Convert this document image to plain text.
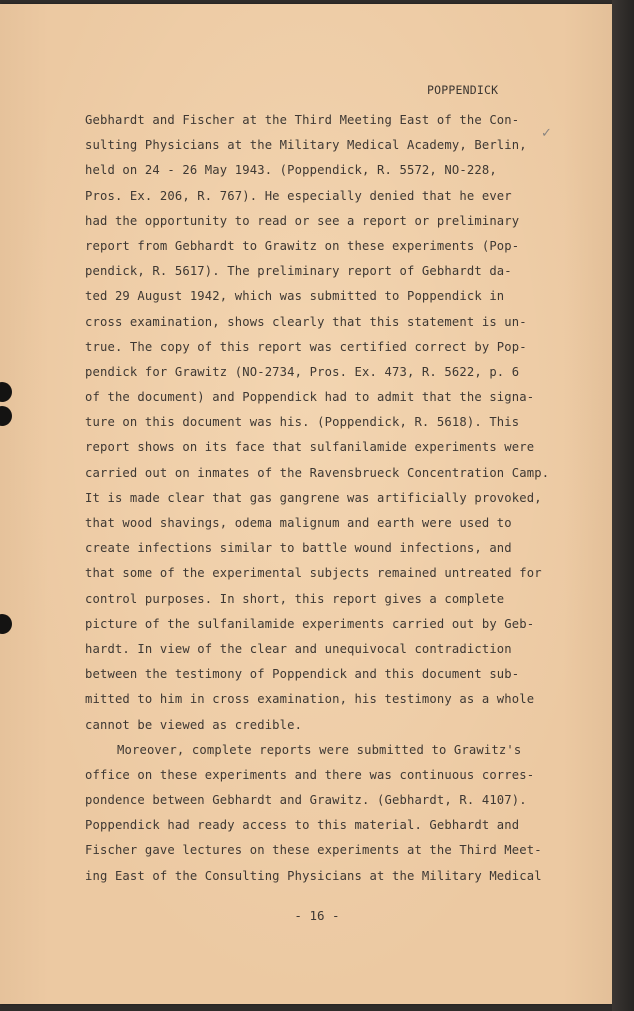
POPPENDICK

✓
Gebhardt and Fischer at the Third Meeting East of the Con-
sulting Physicians at the Military Medical Academy, Berlin,
held on 24 - 26 May 1943. (Poppendick, R. 5572, NO-228,
Pros. Ex. 206, R. 767). He especially denied that he ever
had the opportunity to read or see a report or preliminary
report from Gebhardt to Grawitz on these experiments (Pop-
pendick, R. 5617). The preliminary report of Gebhardt da-
ted 29 August 1942, which was submitted to Poppendick in
cross examination, shows clearly that this statement is un-
true. The copy of this report was certified correct by Pop-
pendick for Grawitz (NO-2734, Pros. Ex. 473, R. 5622, p. 6
of the document) and Poppendick had to admit that the signa-
ture on this document was his. (Poppendick, R. 5618). This
report shows on its face that sulfanilamide experiments were
carried out on inmates of the Ravensbrueck Concentration Camp.
It is made clear that gas gangrene was artificially provoked,
that wood shavings, odema malignum and earth were used to
create infections similar to battle wound infections, and
that some of the experimental subjects remained untreated for
control purposes. In short, this report gives a complete
picture of the sulfanilamide experiments carried out by Geb-
hardt. In view of the clear and unequivocal contradiction
between the testimony of Poppendick and this document sub-
mitted to him in cross examination, his testimony as a whole
cannot be viewed as credible.
Moreover, complete reports were submitted to Grawitz's
office on these experiments and there was continuous corres-
pondence between Gebhardt and Grawitz. (Gebhardt, R. 4107).
Poppendick had ready access to this material. Gebhardt and
Fischer gave lectures on these experiments at the Third Meet-
ing East of the Consulting Physicians at the Military Medical

- 16 -
